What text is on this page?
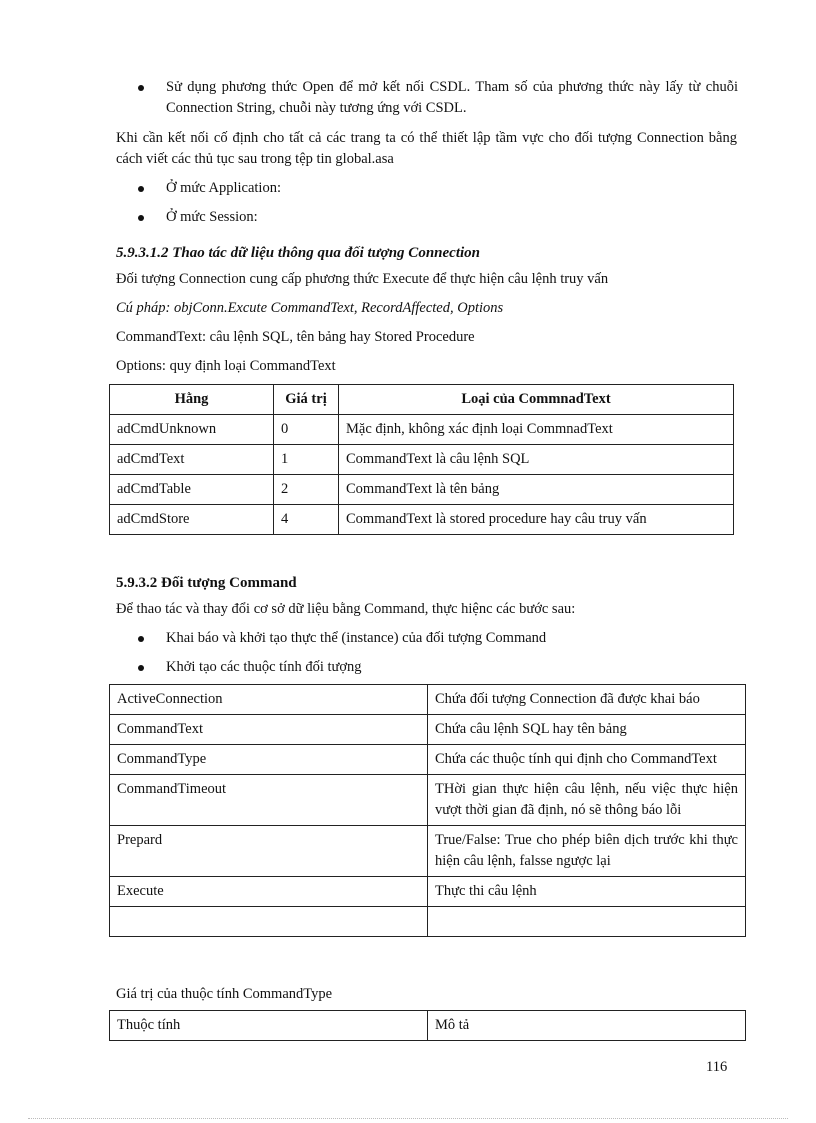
Sử dụng phương thức Open để mở kết nối CSDL. Tham số của phương thức này lấy từ chuỗi Connection String, chuỗi này tương ứng với CSDL.

Khi cần kết nối cố định cho tất cả các trang ta có thể thiết lập tầm vực cho đối tượng Connection bằng cách viết các thủ tục sau trong tệp tin global.asa

Ở mức Application:
Ở mức Session:

5.9.3.1.2 Thao tác dữ liệu thông qua đối tượng Connection

Đối tượng Connection cung cấp phương thức Execute để thực hiện câu lệnh truy vấn

Cú pháp: objConn.Excute CommandText, RecordAffected, Options

CommandText: câu lệnh SQL, tên bảng hay Stored Procedure

Options: quy định loại CommandText

Hằng	Giá trị	Loại của CommnadText
adCmdUnknown	0	Mặc định, không xác định loại CommnadText
adCmdText	1	CommandText là câu lệnh SQL
adCmdTable	2	CommandText là tên bảng
adCmdStore	4	CommandText là stored procedure hay câu truy vấn

5.9.3.2 Đối tượng Command

Để thao tác và thay đổi cơ sở dữ liệu bằng Command, thực hiệnc các bước sau:

Khai báo và khởi tạo thực thể (instance) của đối tượng Command
Khởi tạo các thuộc tính đối tượng
ActiveConnection	Chứa đối tượng Connection đã được khai báo
CommandText	Chứa câu lệnh SQL hay tên bảng
CommandType	Chứa các thuộc tính qui định cho CommandText
CommandTimeout	THời gian thực hiện câu lệnh, nếu việc thực hiện vượt thời gian đã định, nó sẽ thông báo lỗi
Prepard	True/False: True cho phép biên dịch trước khi thực hiện câu lệnh, falsse ngược lại
Execute	Thực thi câu lệnh

Giá trị của thuộc tính CommandType

Thuộc tính	Mô tả
116
